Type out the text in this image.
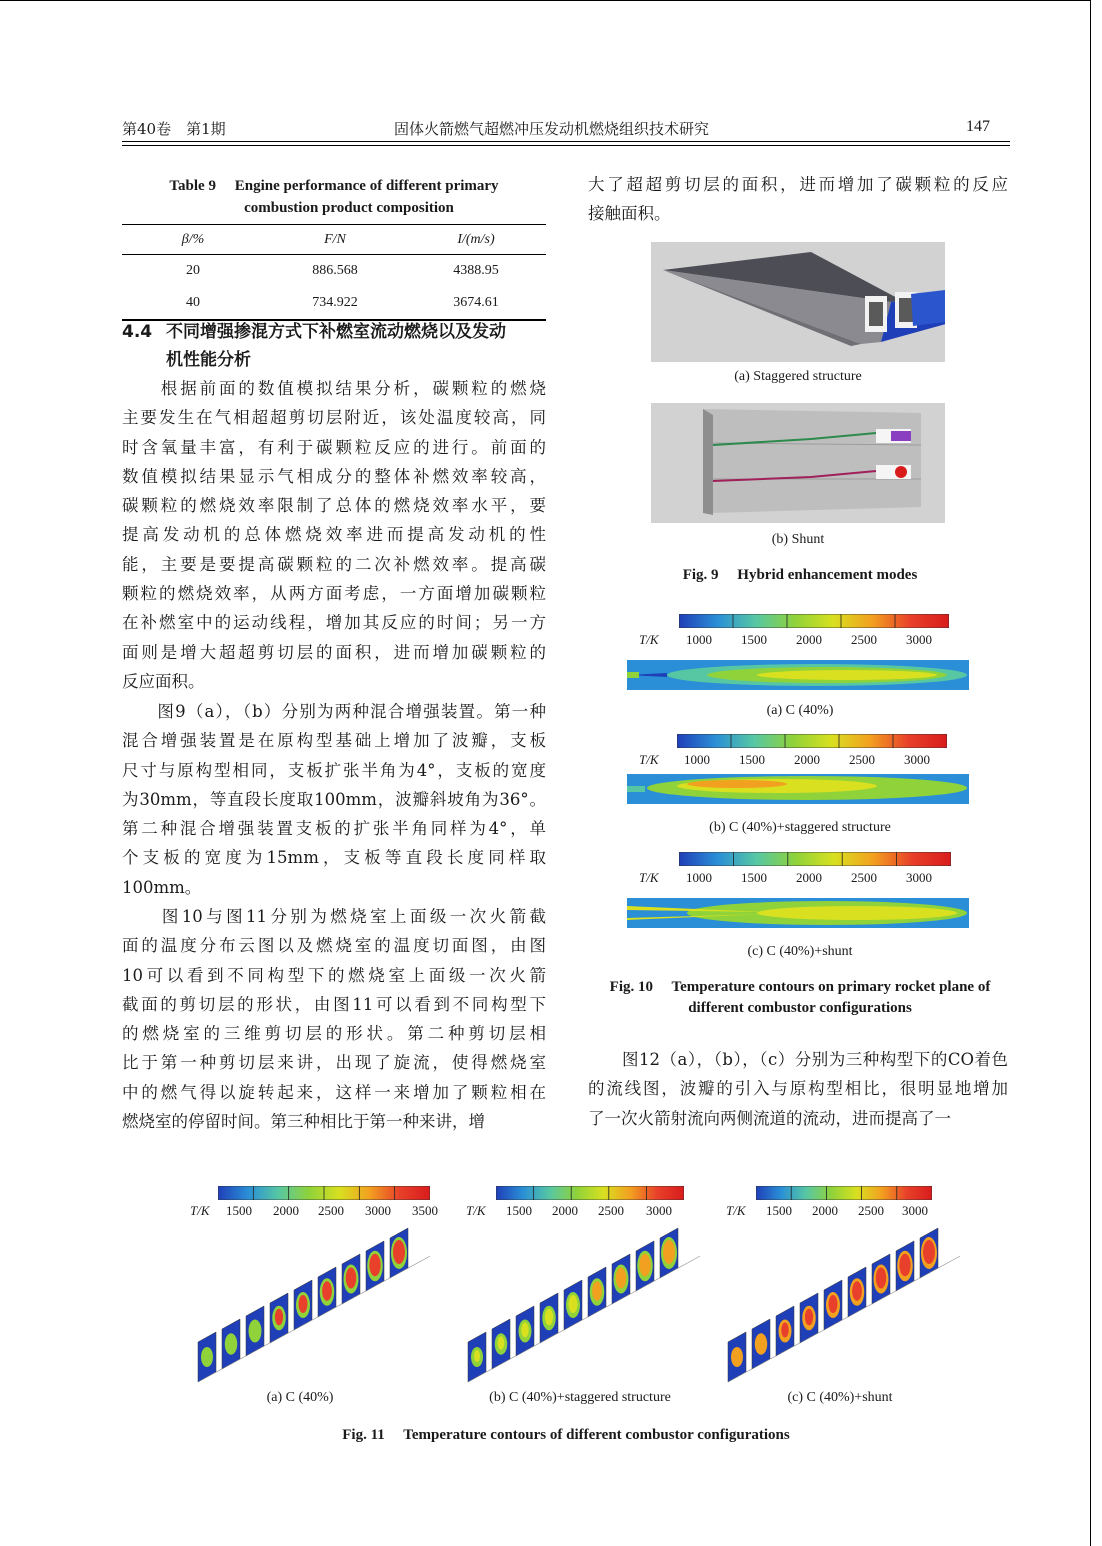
第40卷　第1期	固体火箭燃气超燃冲压发动机燃烧组织技术研究	147
Table 9　 Engine performance of different primary
combustion product composition
β/%	F/N	I/(m/s)

20	886.568	4388.95
40	734.922	3674.61
4.4 不同增强掺混方式下补燃室流动燃烧以及发动
机性能分析
　　根据前面的数值模拟结果分析，碳颗粒的燃烧
主要发生在气相超超剪切层附近，该处温度较高，同
时含氧量丰富，有利于碳颗粒反应的进行。前面的
数值模拟结果显示气相成分的整体补燃效率较高，
碳颗粒的燃烧效率限制了总体的燃烧效率水平，要
提高发动机的总体燃烧效率进而提高发动机的性
能，主要是要提高碳颗粒的二次补燃效率。提高碳
颗粒的燃烧效率，从两方面考虑，一方面增加碳颗粒
在补燃室中的运动线程，增加其反应的时间；另一方
面则是增大超超剪切层的面积，进而增加碳颗粒的
反应面积。
　　图9（a），（b）分别为两种混合增强装置。第一种
混合增强装置是在原构型基础上增加了波瓣，支板
尺寸与原构型相同，支板扩张半角为4°，支板的宽度
为30mm，等直段长度取100mm，波瓣斜坡角为36°。
第二种混合增强装置支板的扩张半角同样为4°，单
个支板的宽度为15mm，支板等直段长度同样取
100mm。
　　图10与图11分别为燃烧室上面级一次火箭截
面的温度分布云图以及燃烧室的温度切面图，由图
10可以看到不同构型下的燃烧室上面级一次火箭
截面的剪切层的形状，由图11可以看到不同构型下
的燃烧室的三维剪切层的形状。第二种剪切层相
比于第一种剪切层来讲，出现了旋流，使得燃烧室
中的燃气得以旋转起来，这样一来增加了颗粒相在
燃烧室的停留时间。第三种相比于第一种来讲，增
大了超超剪切层的面积，进而增加了碳颗粒的反应
接触面积。
(a) Staggered structure
(b) Shunt
Fig. 9　 Hybrid enhancement modes
T/K 1000 1500 2000 2500 3000
(a) C (40%)
T/K 1000 1500 2000 2500 3000
(b) C (40%)+staggered structure
T/K 1000 1500 2000 2500 3000
(c) C (40%)+shunt
Fig. 10　 Temperature contours on primary rocket plane of
different combustor configurations
　　图12（a），（b），（c）分别为三种构型下的CO着色
的流线图，波瓣的引入与原构型相比，很明显地增加
了一次火箭射流向两侧流道的流动，进而提高了一
T/K 1500 2000 2500 3000 3500
(a) C (40%)
T/K 1500 2000 2500 3000
(b) C (40%)+staggered structure
T/K 1500 2000 2500 3000
(c) C (40%)+shunt
Fig. 11　 Temperature contours of different combustor configurations
